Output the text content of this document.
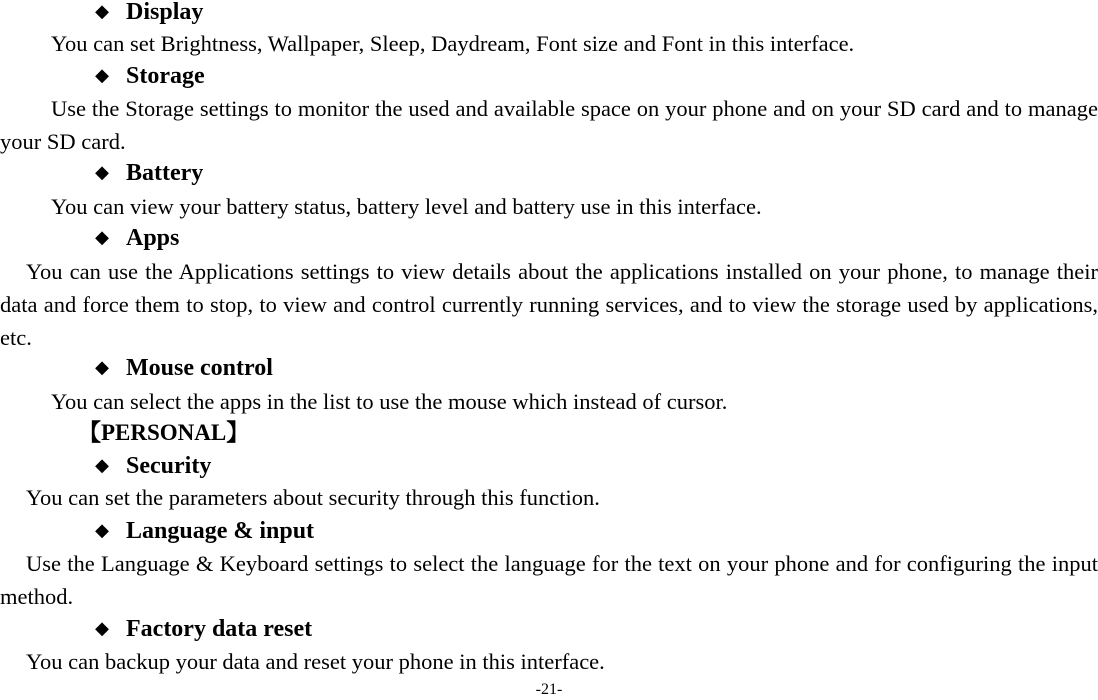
◆ Display
You can set Brightness, Wallpaper, Sleep, Daydream, Font size and Font in this interface.
◆ Storage
Use the Storage settings to monitor the used and available space on your phone and on your SD card and to manage your SD card.
◆ Battery
You can view your battery status, battery level and battery use in this interface.
◆ Apps
You can use the Applications settings to view details about the applications installed on your phone, to manage their data and force them to stop, to view and control currently running services, and to view the storage used by applications, etc.
◆ Mouse control
You can select the apps in the list to use the mouse which instead of cursor.
【PERSONAL】
◆ Security
You can set the parameters about security through this function.
◆ Language & input
Use the Language & Keyboard settings to select the language for the text on your phone and for configuring the input method.
◆ Factory data reset
You can backup your data and reset your phone in this interface.
-21-
